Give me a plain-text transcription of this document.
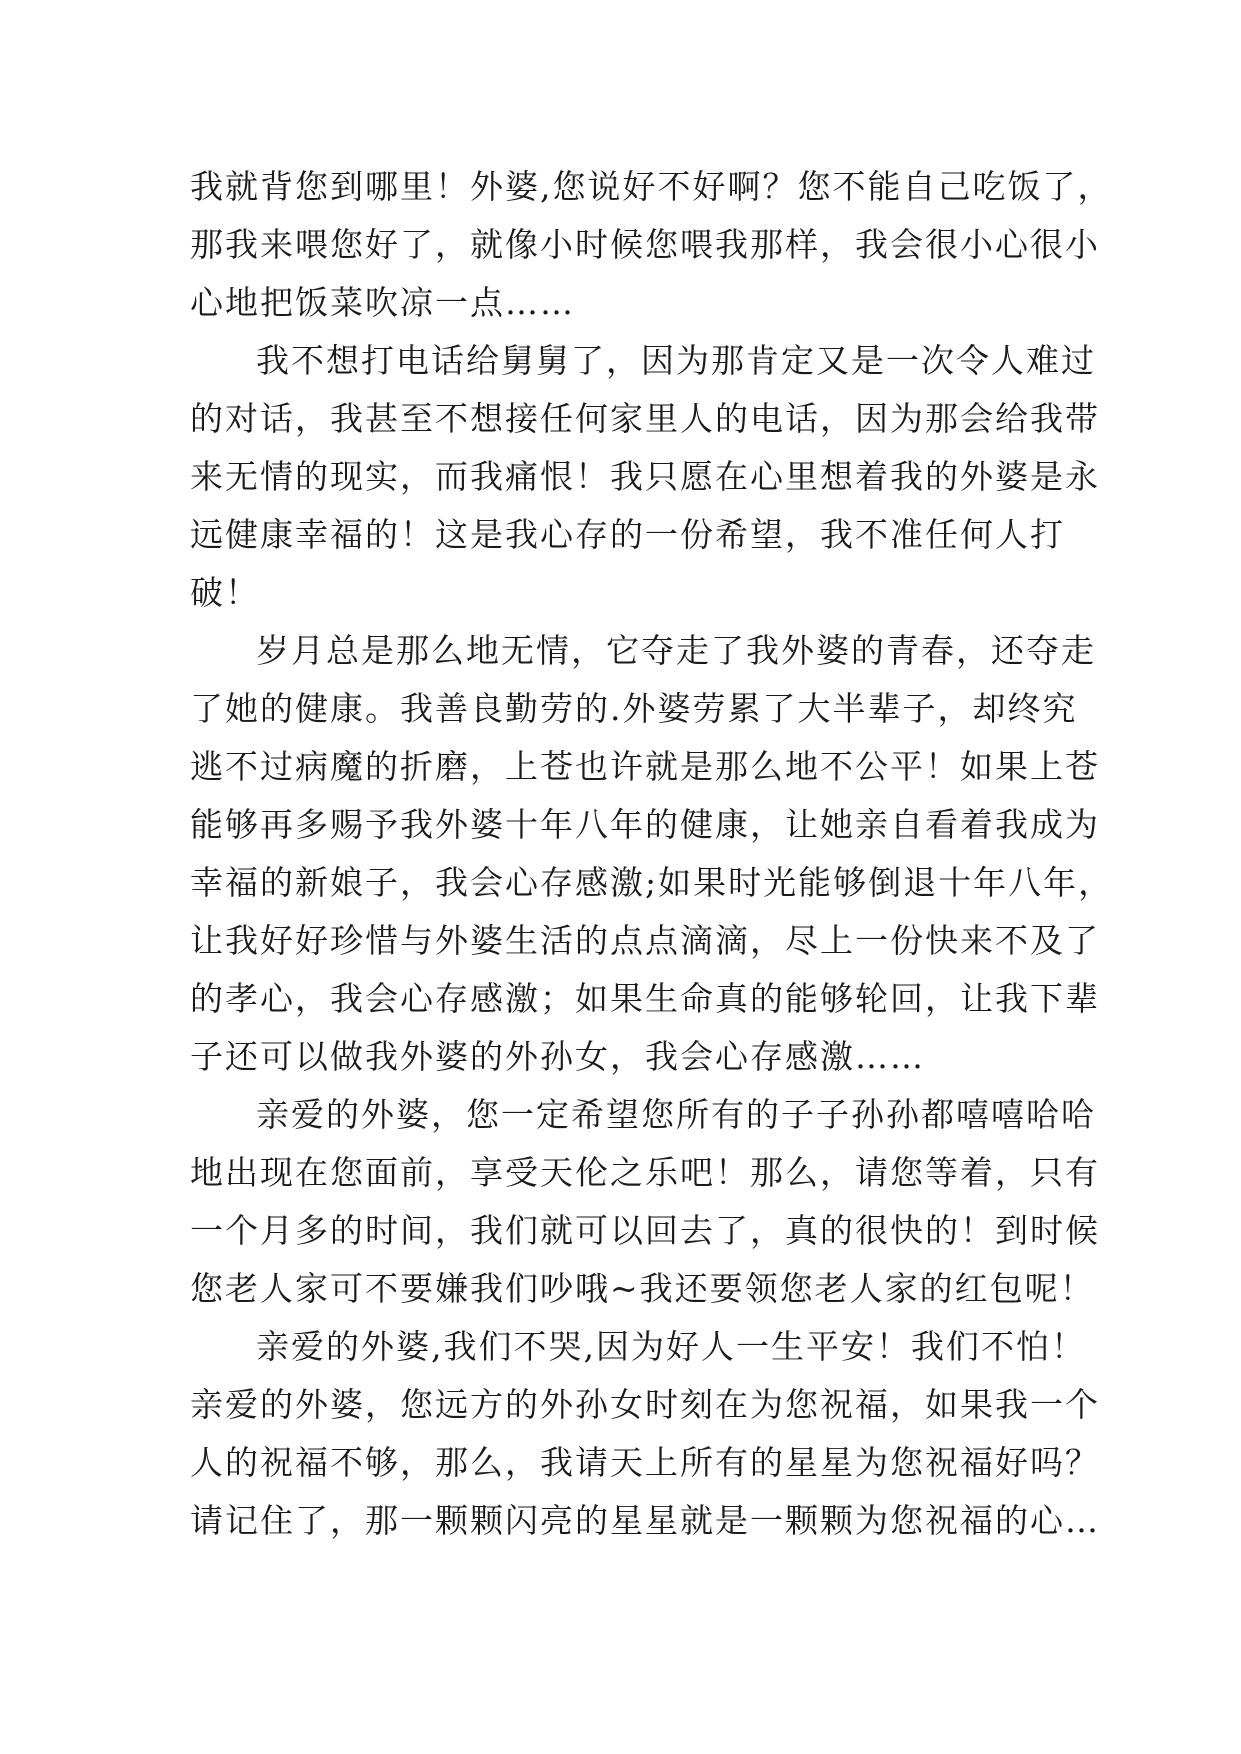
我就背您到哪里！外婆,您说好不好啊？您不能自己吃饭了，
那我来喂您好了，就像小时候您喂我那样，我会很小心很小
心地把饭菜吹凉一点……
我不想打电话给舅舅了，因为那肯定又是一次令人难过
的对话，我甚至不想接任何家里人的电话，因为那会给我带
来无情的现实，而我痛恨！我只愿在心里想着我的外婆是永
远健康幸福的！这是我心存的一份希望，我不准任何人打
破！
岁月总是那么地无情，它夺走了我外婆的青春，还夺走
了她的健康。我善良勤劳的.外婆劳累了大半辈子，却终究
逃不过病魔的折磨，上苍也许就是那么地不公平！如果上苍
能够再多赐予我外婆十年八年的健康，让她亲自看着我成为
幸福的新娘子，我会心存感激;如果时光能够倒退十年八年，
让我好好珍惜与外婆生活的点点滴滴，尽上一份快来不及了
的孝心，我会心存感激；如果生命真的能够轮回，让我下辈
子还可以做我外婆的外孙女，我会心存感激……
亲爱的外婆，您一定希望您所有的子子孙孙都嘻嘻哈哈
地出现在您面前，享受天伦之乐吧！那么，请您等着，只有
一个月多的时间，我们就可以回去了，真的很快的！到时候
您老人家可不要嫌我们吵哦~我还要领您老人家的红包呢！
亲爱的外婆,我们不哭,因为好人一生平安！我们不怕！
亲爱的外婆，您远方的外孙女时刻在为您祝福，如果我一个
人的祝福不够，那么，我请天上所有的星星为您祝福好吗？
请记住了，那一颗颗闪亮的星星就是一颗颗为您祝福的心…
